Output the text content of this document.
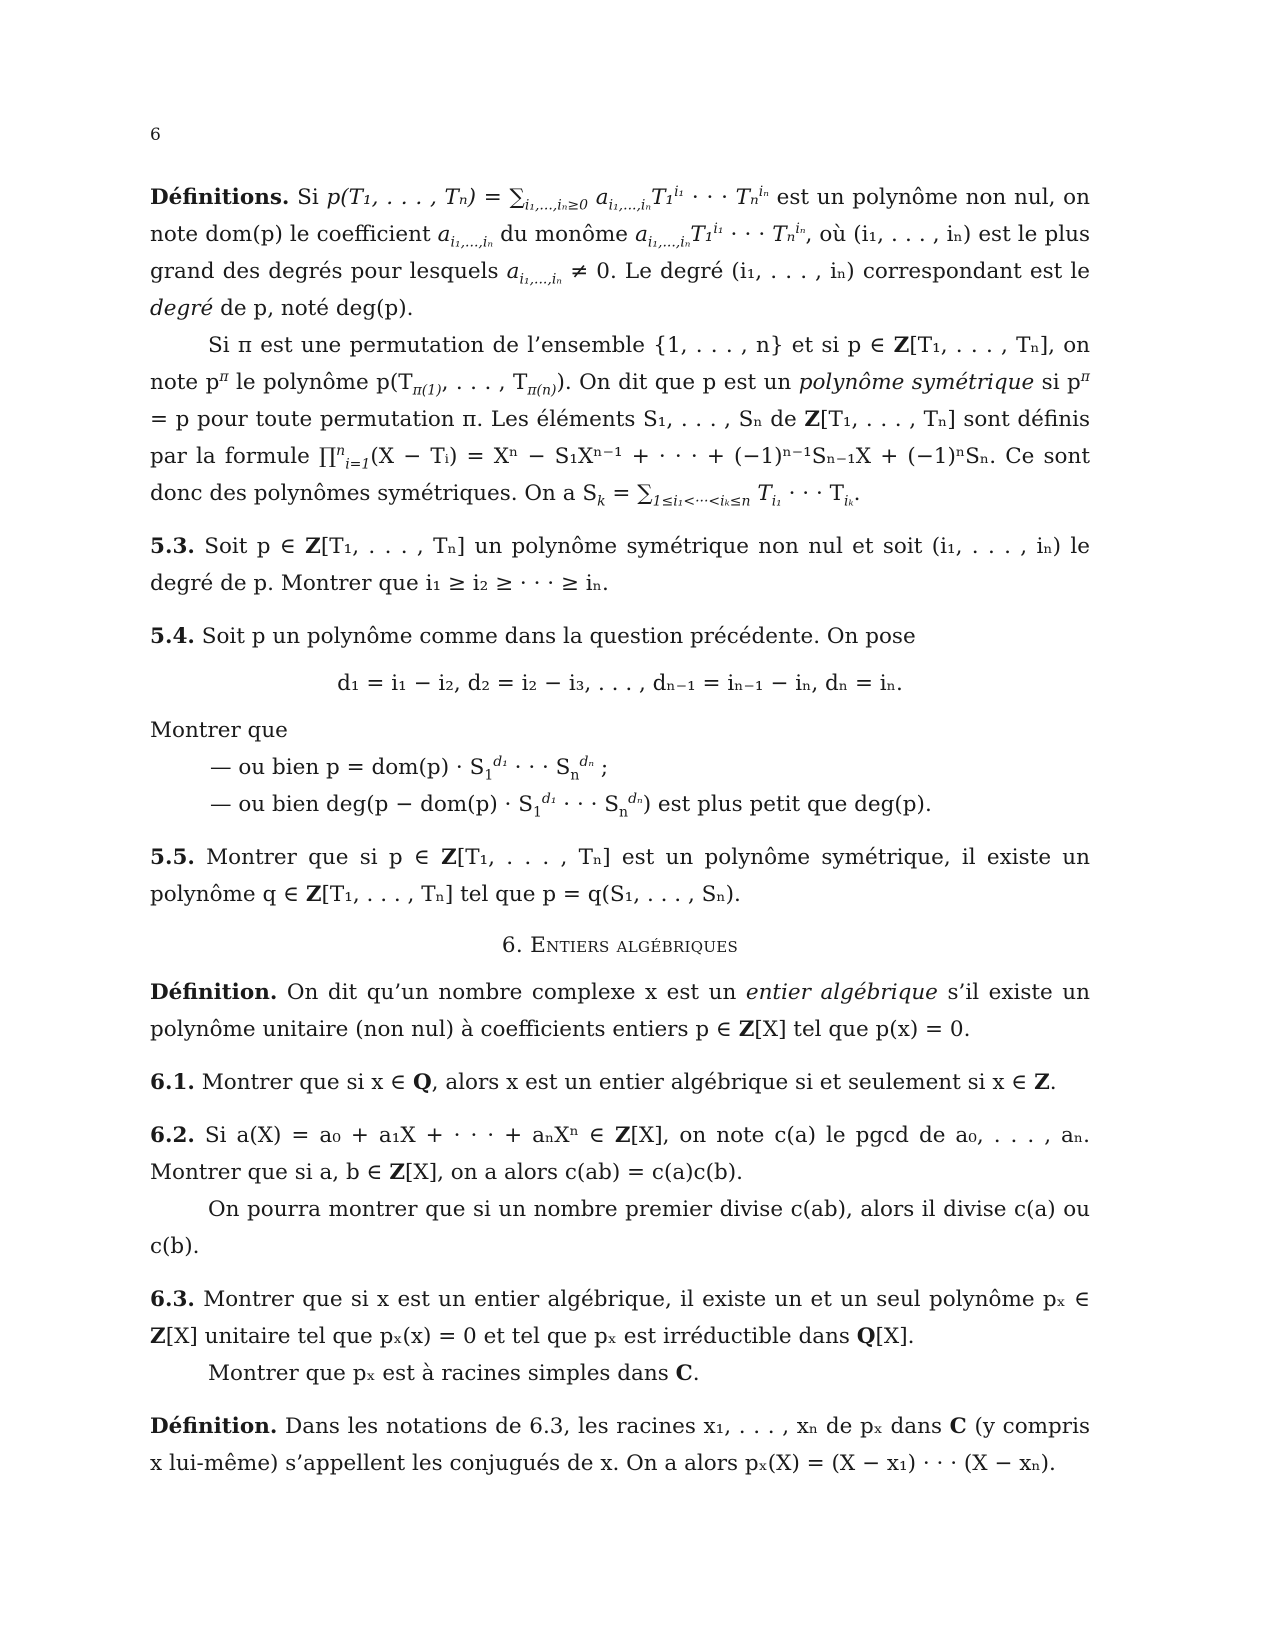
6

Définitions. Si p(T₁, . . . , $T_n) = \sum_{i_1,...,i_n\ge 0}$ $a_{i_1,...,i_n}T_1^{i_1}$ · · · Tₙ$^{i_n}$ est un polynôme non nul, on note dom(p) le coefficient $a_{i_1,...,i_n}$ du monôme $a_{i_1,...,i_n}T_1^{i_1}$ · · · Tₙ$^{i_n}$, où (i₁, . . . , iₙ) est le plus grand des degrés pour lesquels $a_{i_1,...,i_n} \ne 0$. Le degré (i₁, . . . , iₙ) correspondant est le degré de p, noté deg(p).

Si π est une permutation de l’ensemble {1, . . . , n} et si p ∈ Z[T₁, . . . , Tₙ], on note $p^\pi$ le polynôme $p(T_{\pi(1)}$, . . . , $T_{\pi(n)}$). On dit que p est un polynôme symétrique si $p^\pi = p$ pour toute permutation π. Les éléments S₁, . . . , Sₙ de Z[T₁, . . . , Tₙ] sont définis par la formule ∏$^n_{i=1}$(X − Tᵢ) = Xⁿ − S₁Xⁿ⁻¹ + · · · + (−1)ⁿ⁻¹Sₙ₋₁X + (−1)ⁿSₙ. Ce sont donc des polynômes symétriques. On a $S_k = \sum_{1\le i_1<\cdot\cdot\cdot<i_k\le n}$ $T_{i_1}$ · · · $T_{i_k}$.

5.3. Soit p ∈ Z[T₁, . . . , Tₙ] un polynôme symétrique non nul et soit (i₁, . . . , iₙ) le degré de p. Montrer que i₁ ≥ i₂ ≥ · · · ≥ iₙ.

5.4. Soit p un polynôme comme dans la question précédente. On pose

d₁ = i₁ − i₂, d₂ = i₂ − i₃, . . . , dₙ₋₁ = iₙ₋₁ − iₙ, dₙ = iₙ.

Montrer que

— ou bien $p = dom(p) \cdot S_1^{d_1}$ · · · $S_n^{d_n}$ ;

— ou bien $deg(p - dom(p) \cdot S_1^{d_1}$ · · · $S_n^{d_n}$) est plus petit que deg(p).

5.5. Montrer que si p ∈ Z[T₁, . . . , Tₙ] est un polynôme symétrique, il existe un polynôme q ∈ Z[T₁, . . . , Tₙ] tel que p = q(S₁, . . . , Sₙ).

6. Entiers algébriques

Définition. On dit qu’un nombre complexe x est un entier algébrique s’il existe un polynôme unitaire (non nul) à coefficients entiers p ∈ Z[X] tel que p(x) = 0.

6.1. Montrer que si x ∈ Q, alors x est un entier algébrique si et seulement si x ∈ Z.

6.2. Si a(X) = a₀ + a₁X + · · · + aₙXⁿ ∈ Z[X], on note c(a) le pgcd de a₀, . . . , aₙ. Montrer que si a, b ∈ Z[X], on a alors c(ab) = c(a)c(b).

On pourra montrer que si un nombre premier divise c(ab), alors il divise c(a) ou c(b).

6.3. Montrer que si x est un entier algébrique, il existe un et un seul polynôme pₓ ∈ Z[X] unitaire tel que pₓ(x) = 0 et tel que pₓ est irréductible dans Q[X].

Montrer que pₓ est à racines simples dans C.

Définition. Dans les notations de 6.3, les racines x₁, . . . , xₙ de pₓ dans C (y compris x lui-même) s’appellent les conjugués de x. On a alors pₓ(X) = (X − x₁) · · · (X − xₙ).
